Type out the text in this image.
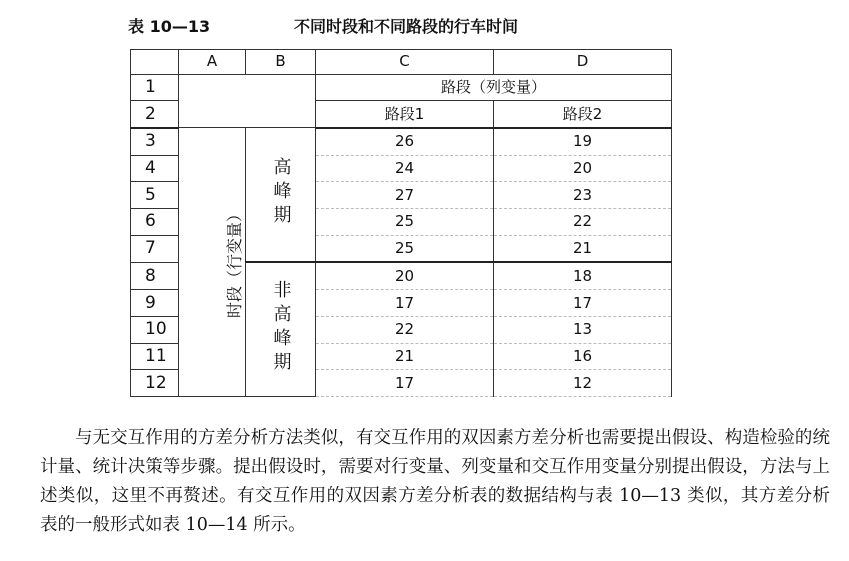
表 10—13	不同时段和不同路段的行车时间
	A	B	C	D
1			路段（列变量）	
2			路段1	路段2
3	时段（行变量）	高峰期	26	19
4			24	20
5			27	23
6			25	22
7			25	21
8		非高峰期	20	18
9			17	17
10			22	13
11			21	16
12			17	12

与无交互作用的方差分析方法类似，有交互作用的双因素方差分析也需要提出假设、构造检验的统计量、统计决策等步骤。提出假设时，需要对行变量、列变量和交互作用变量分别提出假设，方法与上述类似，这里不再赘述。有交互作用的双因素方差分析表的数据结构与表 10—13 类似，其方差分析表的一般形式如表 10—14 所示。
